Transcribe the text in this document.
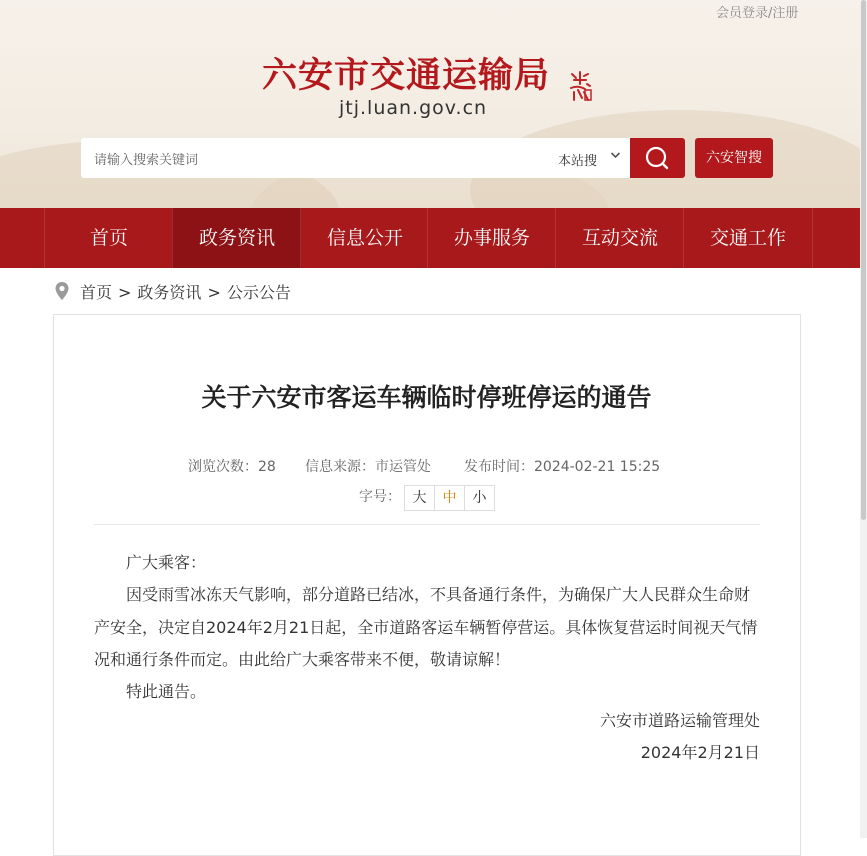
会员登录/注册
六安市交通运输局
jtj.luan.gov.cn
请输入搜索关键词
本站搜	六安智搜
首页	政务资讯	信息公开	办事服务	互动交流	交通工作
首页 > 政务资讯 > 公示公告
关于六安市客运车辆临时停班停运的通告
浏览次数：28 信息来源：市运管处 发布时间：2024-02-21 15:25
字号： 大	中	小
广大乘客：
因受雨雪冰冻天气影响，部分道路已结冰，不具备通行条件，为确保广大人民群众生命财
产安全，决定自2024年2月21日起，全市道路客运车辆暂停营运。具体恢复营运时间视天气情
况和通行条件而定。由此给广大乘客带来不便，敬请谅解！
特此通告。
六安市道路运输管理处
2024年2月21日
